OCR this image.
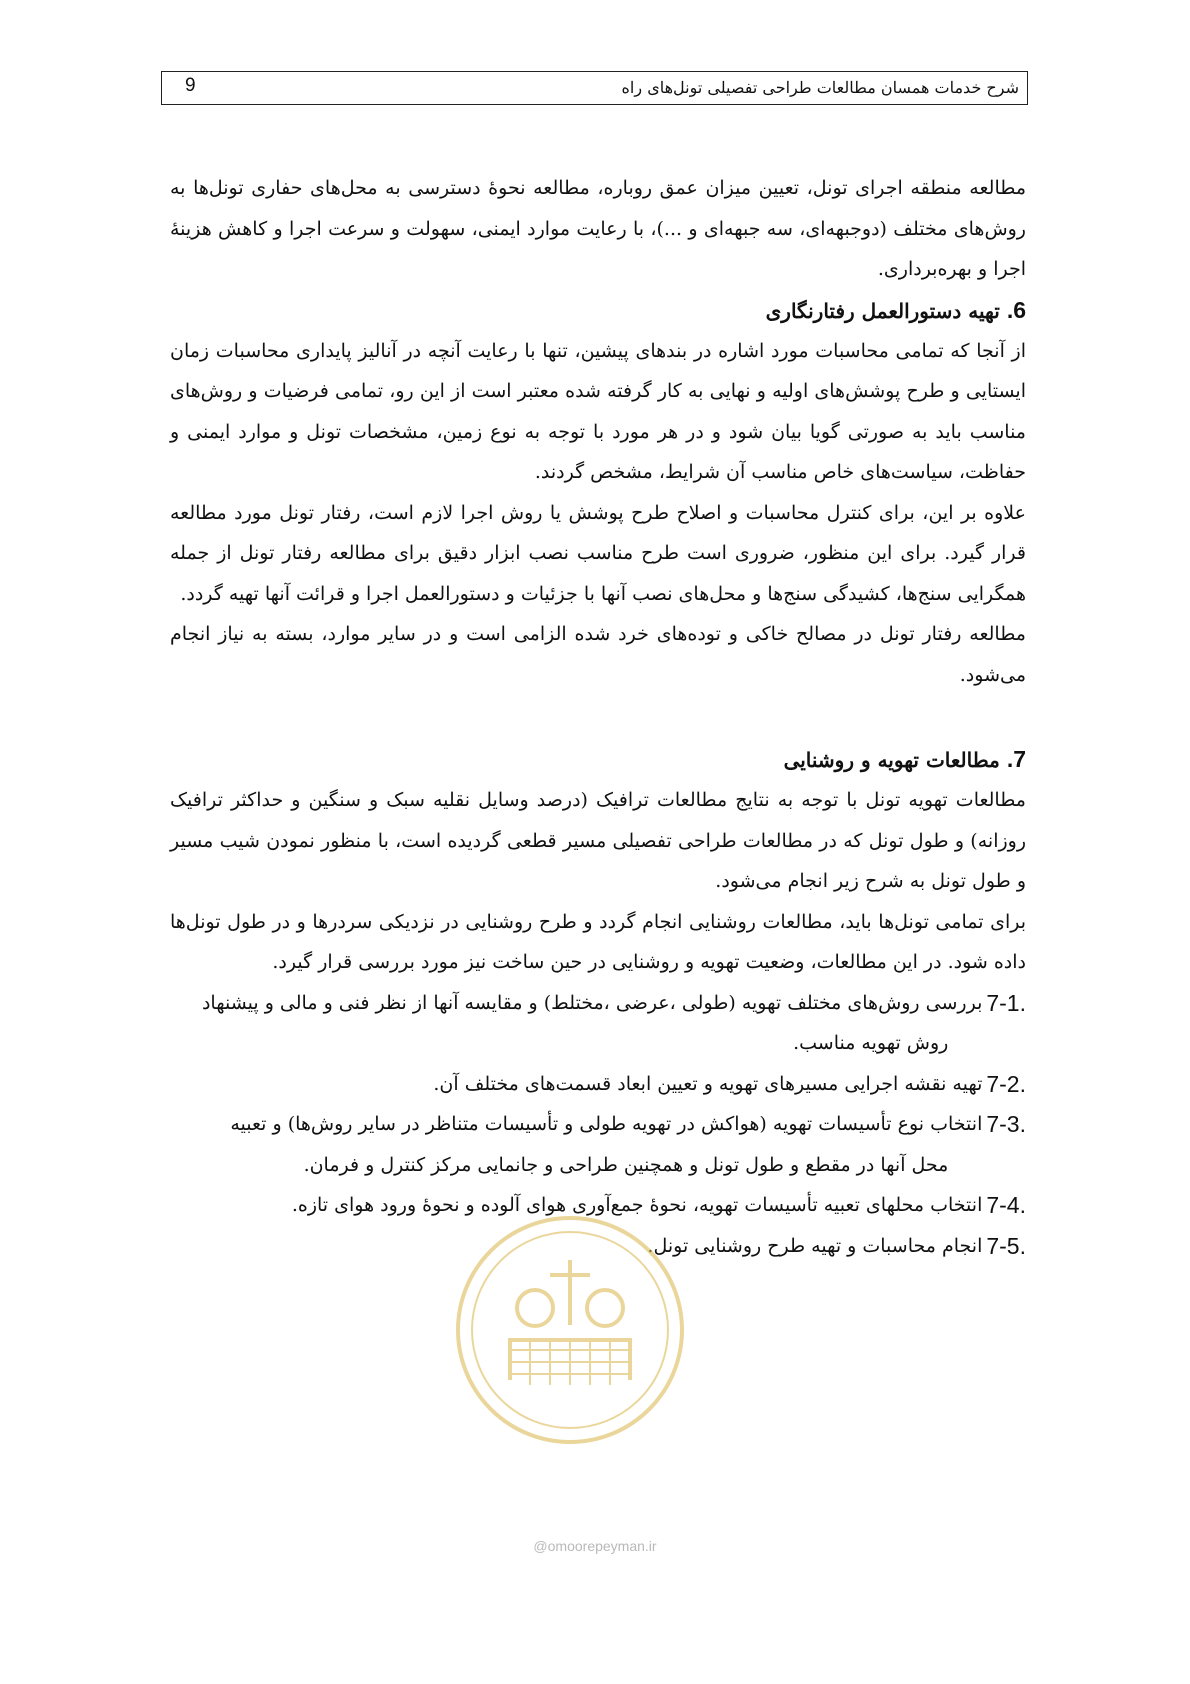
شرح خدمات همسان مطالعات طراحی تفصیلی تونل‌های راه
9

مطالعه منطقه اجرای تونل، تعیین میزان عمق روباره، مطالعه نحوهٔ دسترسی به محل‌های حفاری تونل‌ها به روش‌های مختلف (دوجبهه‌ای، سه جبهه‌ای و ...)، با رعایت موارد ایمنی، سهولت و سرعت اجرا و کاهش هزینهٔ اجرا و بهره‌برداری.

6. تهیه دستورالعمل رفتارنگاری

از آنجا که تمامی محاسبات مورد اشاره در بندهای پیشین، تنها با رعایت آنچه در آنالیز پایداری محاسبات زمان ایستایی و طرح پوشش‌های اولیه و نهایی به کار گرفته شده معتبر است از این رو، تمامی فرضیات و روش‌های مناسب باید به صورتی گویا بیان شود و در هر مورد با توجه به نوع زمین، مشخصات تونل و موارد ایمنی و حفاظت، سیاست‌های خاص مناسب آن شرایط، مشخص گردند.

علاوه بر این، برای کنترل محاسبات و اصلاح طرح پوشش یا روش اجرا لازم است، رفتار تونل مورد مطالعه قرار گیرد. برای این منظور، ضروری است طرح مناسب نصب ابزار دقیق برای مطالعه رفتار تونل از جمله همگرایی سنج‌ها، کشیدگی سنج‌ها و محل‌های نصب آنها با جزئیات و دستورالعمل اجرا و قرائت آنها تهیه گردد.

مطالعه رفتار تونل در مصالح خاکی و توده‌های خرد شده الزامی است و در سایر موارد، بسته به نیاز انجام می‌شود.

7. مطالعات تهویه و روشنایی

مطالعات تهویه تونل با توجه به نتایج مطالعات ترافیک (درصد وسایل نقلیه سبک و سنگین و حداکثر ترافیک روزانه) و طول تونل که در مطالعات طراحی تفصیلی مسیر قطعی گردیده است، با منظور نمودن شیب مسیر و طول تونل به شرح زیر انجام می‌شود.

برای تمامی تونل‌ها باید، مطالعات روشنایی انجام گردد و طرح روشنایی در نزدیکی سردرها و در طول تونل‌ها داده شود. در این مطالعات، وضعیت تهویه و روشنایی در حین ساخت نیز مورد بررسی قرار گیرد.

7-1.
بررسی روش‌های مختلف تهویه (طولی ،عرضی ،مختلط) و مقایسه آنها از نظر فنی و مالی و پیشنهاد
روش تهویه مناسب.
7-2.
تهیه نقشه اجرایی مسیرهای تهویه و تعیین ابعاد قسمت‌های مختلف آن.
7-3.
انتخاب نوع تأسیسات تهویه (هواکش در تهویه طولی و تأسیسات متناظر در سایر روش‌ها) و تعبیه
محل آنها در مقطع و طول تونل و همچنین طراحی و جانمایی مرکز کنترل و فرمان.
7-4.
انتخاب محلهای تعبیه تأسیسات تهویه، نحوهٔ جمع‌آوری هوای آلوده و نحوهٔ ورود هوای تازه.
7-5.
انجام محاسبات و تهیه طرح روشنایی تونل.
@omoorepeyman.ir
